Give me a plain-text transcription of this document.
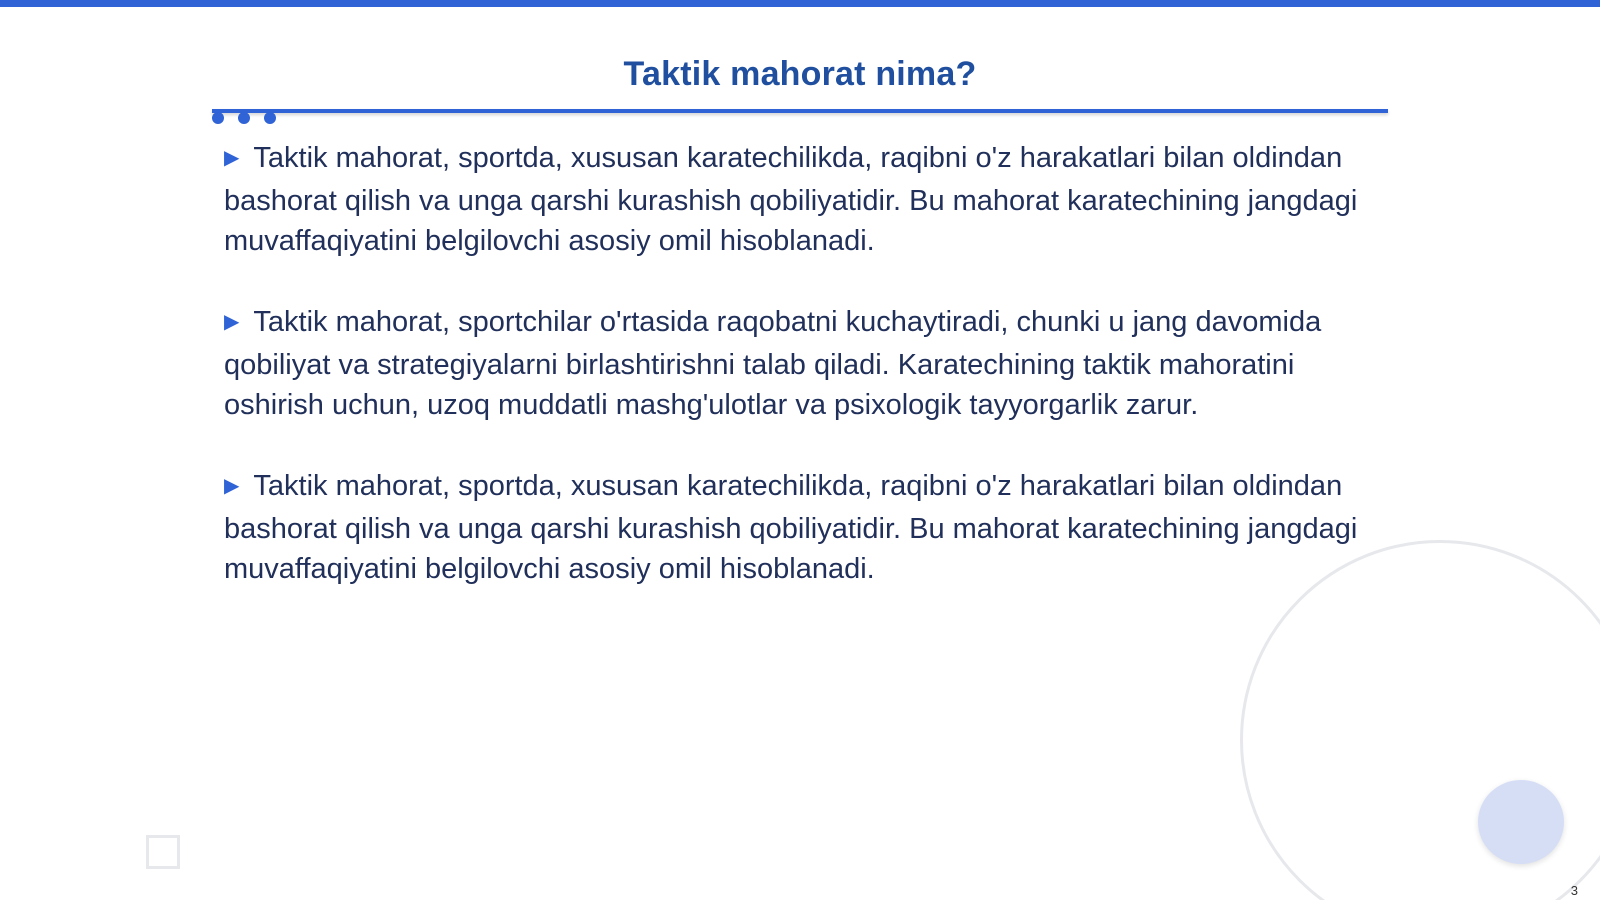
Taktik mahorat nima?
▶ Taktik mahorat, sportda, xususan karatechilikda, raqibni o'z harakatlari bilan oldindan bashorat qilish va unga qarshi kurashish qobiliyatidir. Bu mahorat karatechining jangdagi muvaffaqiyatini belgilovchi asosiy omil hisoblanadi.
▶ Taktik mahorat, sportchilar o'rtasida raqobatni kuchaytiradi, chunki u jang davomida qobiliyat va strategiyalarni birlashtirishni talab qiladi. Karatechining taktik mahoratini oshirish uchun, uzoq muddatli mashg'ulotlar va psixologik tayyorgarlik zarur.
▶ Taktik mahorat, sportda, xususan karatechilikda, raqibni o'z harakatlari bilan oldindan bashorat qilish va unga qarshi kurashish qobiliyatidir. Bu mahorat karatechining jangdagi muvaffaqiyatini belgilovchi asosiy omil hisoblanadi.
3
